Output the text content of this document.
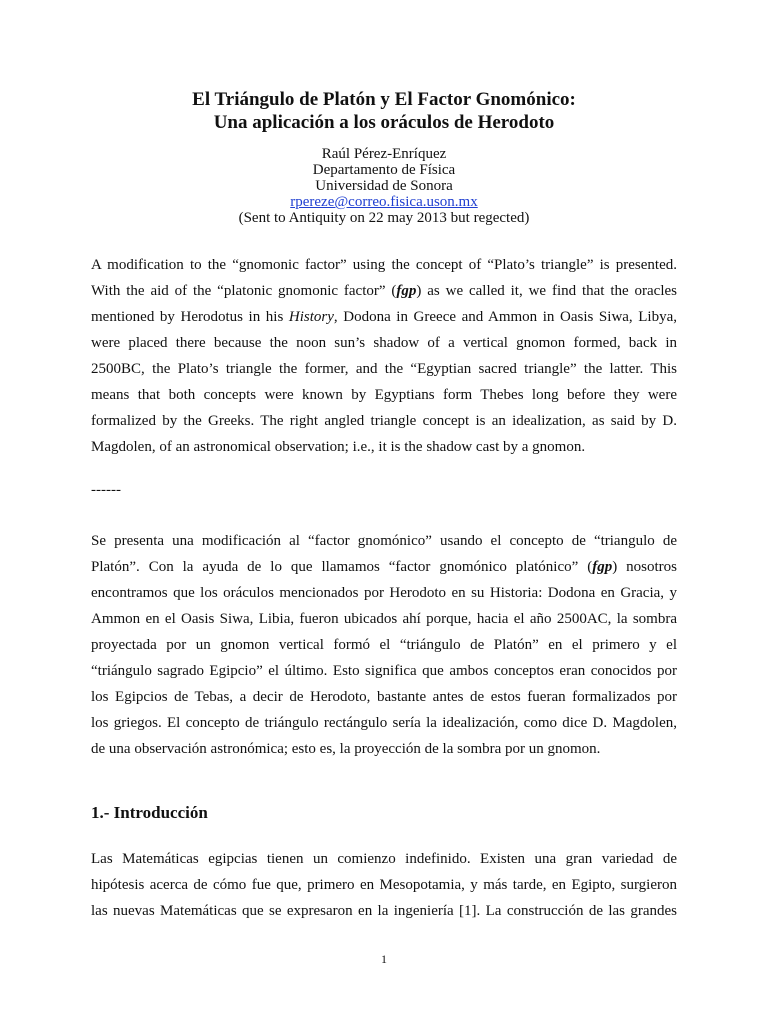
El Triángulo de Platón y El Factor Gnomónico:
Una aplicación a los oráculos de Herodoto
Raúl Pérez-Enríquez
Departamento de Física
Universidad de Sonora
rpereze@correo.fisica.uson.mx
(Sent to Antiquity on 22 may 2013 but regected)
A modification to the “gnomonic factor” using the concept of “Plato’s triangle” is presented.
With the aid of the “platonic gnomonic factor” (fgp) as we called it, we find that the oracles
mentioned by Herodotus in his History, Dodona in Greece and Ammon in Oasis Siwa, Libya,
were placed there because the noon sun’s shadow of a vertical gnomon formed, back in
2500BC, the Plato’s triangle the former, and the “Egyptian sacred triangle” the latter. This
means that both concepts were known by Egyptians form Thebes long before they were
formalized by the Greeks. The right angled triangle concept is an idealization, as said by D.
Magdolen, of an astronomical observation; i.e., it is the shadow cast by a gnomon.
------
Se presenta una modificación al “factor gnomónico” usando el concepto de “triangulo de
Platón”. Con la ayuda de lo que llamamos “factor gnomónico platónico” (fgp) nosotros
encontramos que los oráculos mencionados por Herodoto en su Historia: Dodona en Gracia, y
Ammon en el Oasis Siwa, Libia, fueron ubicados ahí porque, hacia el año 2500AC, la sombra
proyectada por un gnomon vertical formó el “triángulo de Platón” en el primero y el
“triángulo sagrado Egipcio” el último. Esto significa que ambos conceptos eran conocidos por
los Egipcios de Tebas, a decir de Herodoto, bastante antes de estos fueran formalizados por
los griegos. El concepto de triángulo rectángulo sería la idealización, como dice D. Magdolen,
de una observación astronómica; esto es, la proyección de la sombra por un gnomon.
1.- Introducción
Las Matemáticas egipcias tienen un comienzo indefinido. Existen una gran variedad de
hipótesis acerca de cómo fue que, primero en Mesopotamia, y más tarde, en Egipto, surgieron
las nuevas Matemáticas que se expresaron en la ingeniería [1]. La construcción de las grandes
1
